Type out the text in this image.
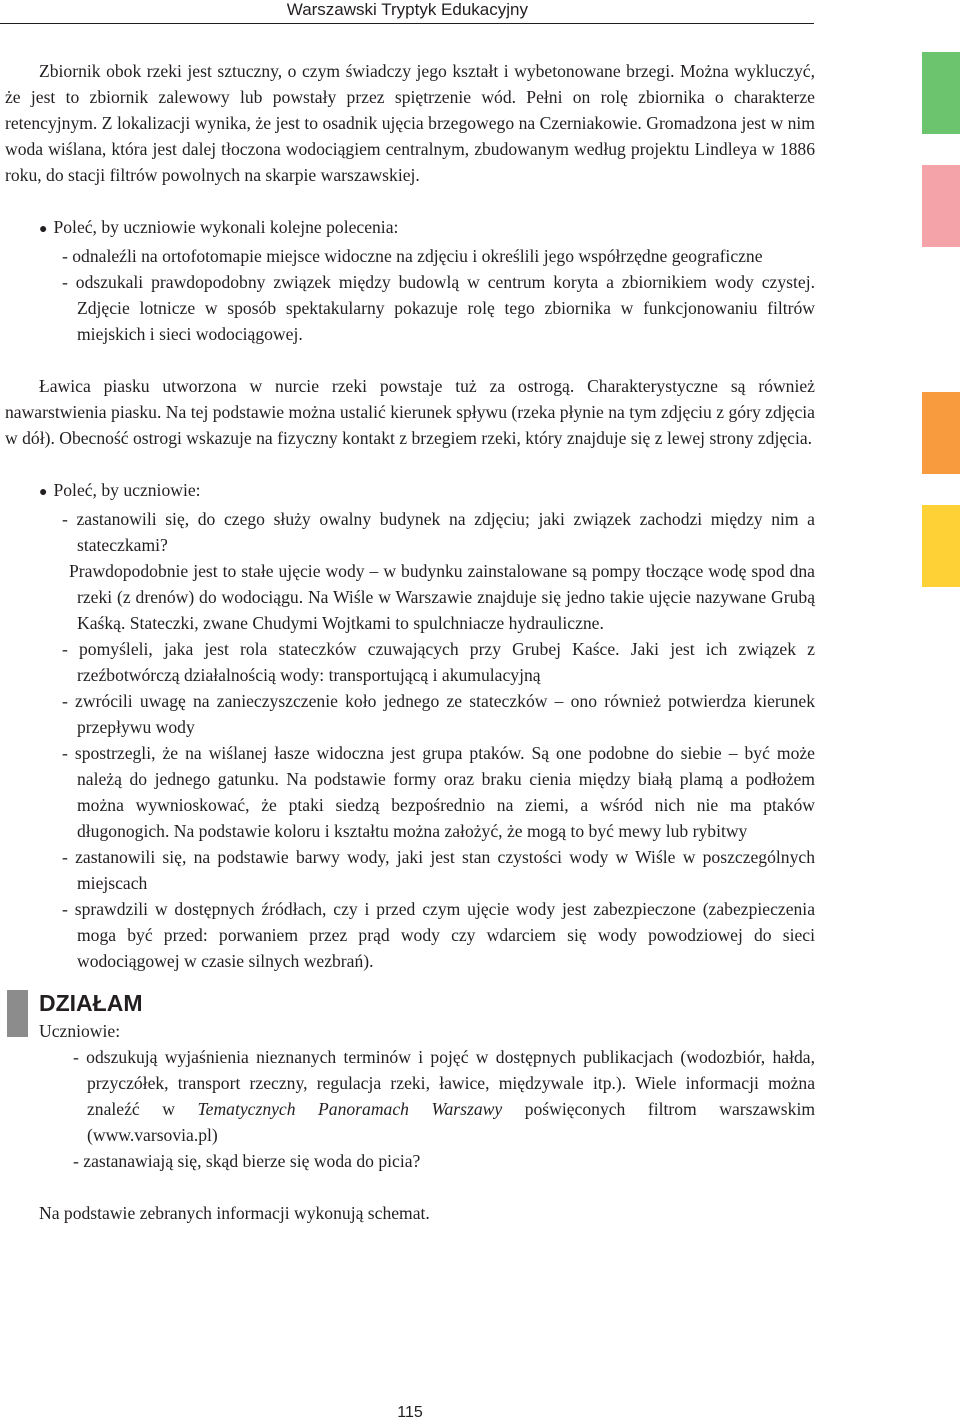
Warszawski Tryptyk Edukacyjny

Zbiornik obok rzeki jest sztuczny, o czym świadczy jego kształt i wybetonowane brzegi. Można wykluczyć, że jest to zbiornik zalewowy lub powstały przez spiętrzenie wód. Pełni on rolę zbiornika o charakterze retencyjnym. Z lokalizacji wynika, że jest to osadnik ujęcia brzegowego na Czerniakowie. Gromadzona jest w nim woda wiślana, która jest dalej tłoczona wodociągiem centralnym, zbudowanym według projektu Lindleya w 1886 roku, do stacji filtrów powolnych na skarpie warszawskiej.

● Poleć, by uczniowie wykonali kolejne polecenia:

- odnaleźli na ortofotomapie miejsce widoczne na zdjęciu i określili jego współrzędne geograficzne

- odszukali prawdopodobny związek między budowlą w centrum koryta a zbiornikiem wody czystej. Zdjęcie lotnicze w sposób spektakularny pokazuje rolę tego zbiornika w funkcjonowaniu filtrów miejskich i sieci wodociągowej.

Ławica piasku utworzona w nurcie rzeki powstaje tuż za ostrogą. Charakterystyczne są również nawarstwienia piasku. Na tej podstawie można ustalić kierunek spływu (rzeka płynie na tym zdjęciu z góry zdjęcia w dół). Obecność ostrogi wskazuje na fizyczny kontakt z brzegiem rzeki, który znajduje się z lewej strony zdjęcia.

● Poleć, by uczniowie:

- zastanowili się, do czego służy owalny budynek na zdjęciu; jaki związek zachodzi między nim a stateczkami?

Prawdopodobnie jest to stałe ujęcie wody – w budynku zainstalowane są pompy tłoczące wodę spod dna rzeki (z drenów) do wodociągu. Na Wiśle w Warszawie znajduje się jedno takie ujęcie nazywane Grubą Kaśką. Stateczki, zwane Chudymi Wojtkami to spulchniacze hydrauliczne.

- pomyśleli, jaka jest rola stateczków czuwających przy Grubej Kaśce. Jaki jest ich związek z rzeźbotwórczą działalnością wody: transportującą i akumulacyjną

- zwrócili uwagę na zanieczyszczenie koło jednego ze stateczków – ono również potwierdza kierunek przepływu wody

- spostrzegli, że na wiślanej łasze widoczna jest grupa ptaków. Są one podobne do siebie – być może należą do jednego gatunku. Na podstawie formy oraz braku cienia między białą plamą a podłożem można wywnioskować, że ptaki siedzą bezpośrednio na ziemi, a wśród nich nie ma ptaków długonogich. Na podstawie koloru i kształtu można założyć, że mogą to być mewy lub rybitwy

- zastanowili się, na podstawie barwy wody, jaki jest stan czystości wody w Wiśle w poszczególnych miejscach

- sprawdzili w dostępnych źródłach, czy i przed czym ujęcie wody jest zabezpieczone (zabezpieczenia moga być przed: porwaniem przez prąd wody czy wdarciem się wody powodziowej do sieci wodociągowej w czasie silnych wezbrań).

DZIAŁAM

Uczniowie:

- odszukują wyjaśnienia nieznanych terminów i pojęć w dostępnych publikacjach (wodozbiór, hałda, przyczółek, transport rzeczny, regulacja rzeki, ławice, międzywale itp.). Wiele informacji można znaleźć w Tematycznych Panoramach Warszawy poświęconych filtrom warszawskim (www.varsovia.pl)

- zastanawiają się, skąd bierze się woda do picia?

Na podstawie zebranych informacji wykonują schemat.

115
